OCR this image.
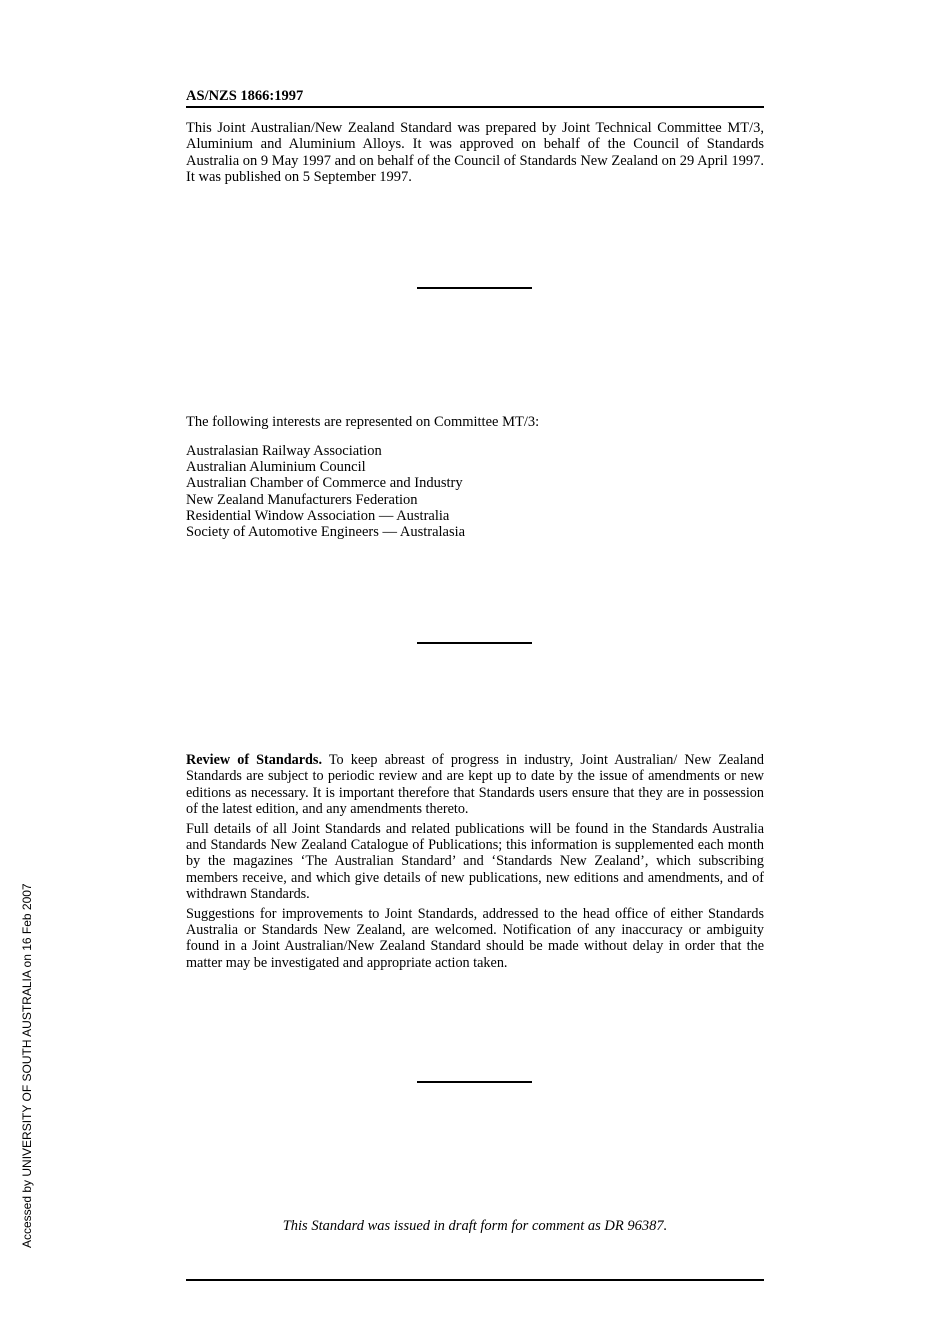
AS/NZS 1866:1997

This Joint Australian/New Zealand Standard was prepared by Joint Technical Committee MT/3, Aluminium and Aluminium Alloys. It was approved on behalf of the Council of Standards Australia on 9 May 1997 and on behalf of the Council of Standards New Zealand on 29 April 1997. It was published on 5 September 1997.

The following interests are represented on Committee MT/3:

Australasian Railway Association
Australian Aluminium Council
Australian Chamber of Commerce and Industry
New Zealand Manufacturers Federation
Residential Window Association — Australia
Society of Automotive Engineers — Australasia

Review of Standards. To keep abreast of progress in industry, Joint Australian/ New Zealand Standards are subject to periodic review and are kept up to date by the issue of amendments or new editions as necessary. It is important therefore that Standards users ensure that they are in possession of the latest edition, and any amendments thereto.

Full details of all Joint Standards and related publications will be found in the Standards Australia and Standards New Zealand Catalogue of Publications; this information is supplemented each month by the magazines ‘The Australian Standard’ and ‘Standards New Zealand’, which subscribing members receive, and which give details of new publications, new editions and amendments, and of withdrawn Standards.

Suggestions for improvements to Joint Standards, addressed to the head office of either Standards Australia or Standards New Zealand, are welcomed. Notification of any inaccuracy or ambiguity found in a Joint Australian/New Zealand Standard should be made without delay in order that the matter may be investigated and appropriate action taken.

This Standard was issued in draft form for comment as DR 96387.
Accessed by UNIVERSITY OF SOUTH AUSTRALIA on 16 Feb 2007
